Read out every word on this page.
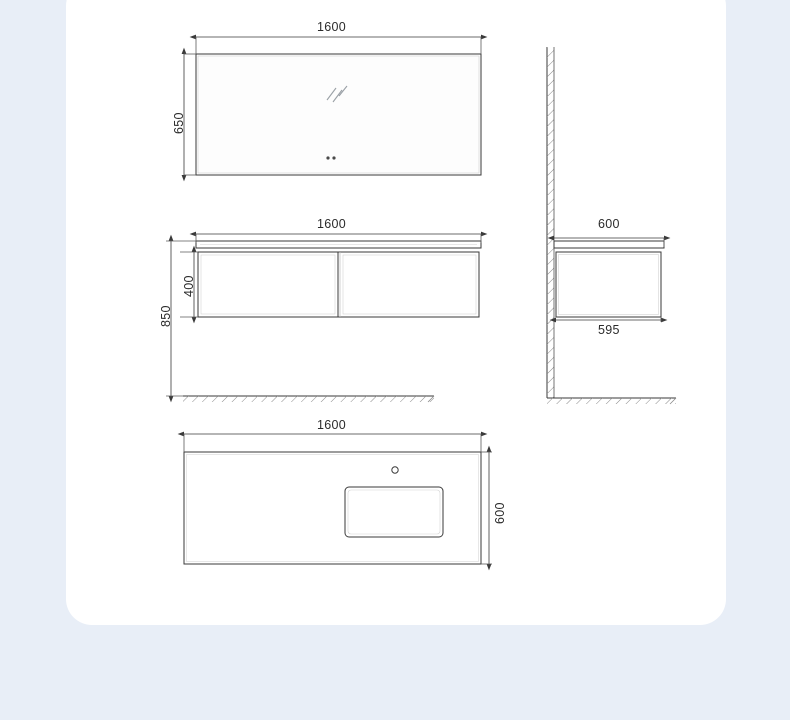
1600
650
1600
400
850
600
595
1600
600
